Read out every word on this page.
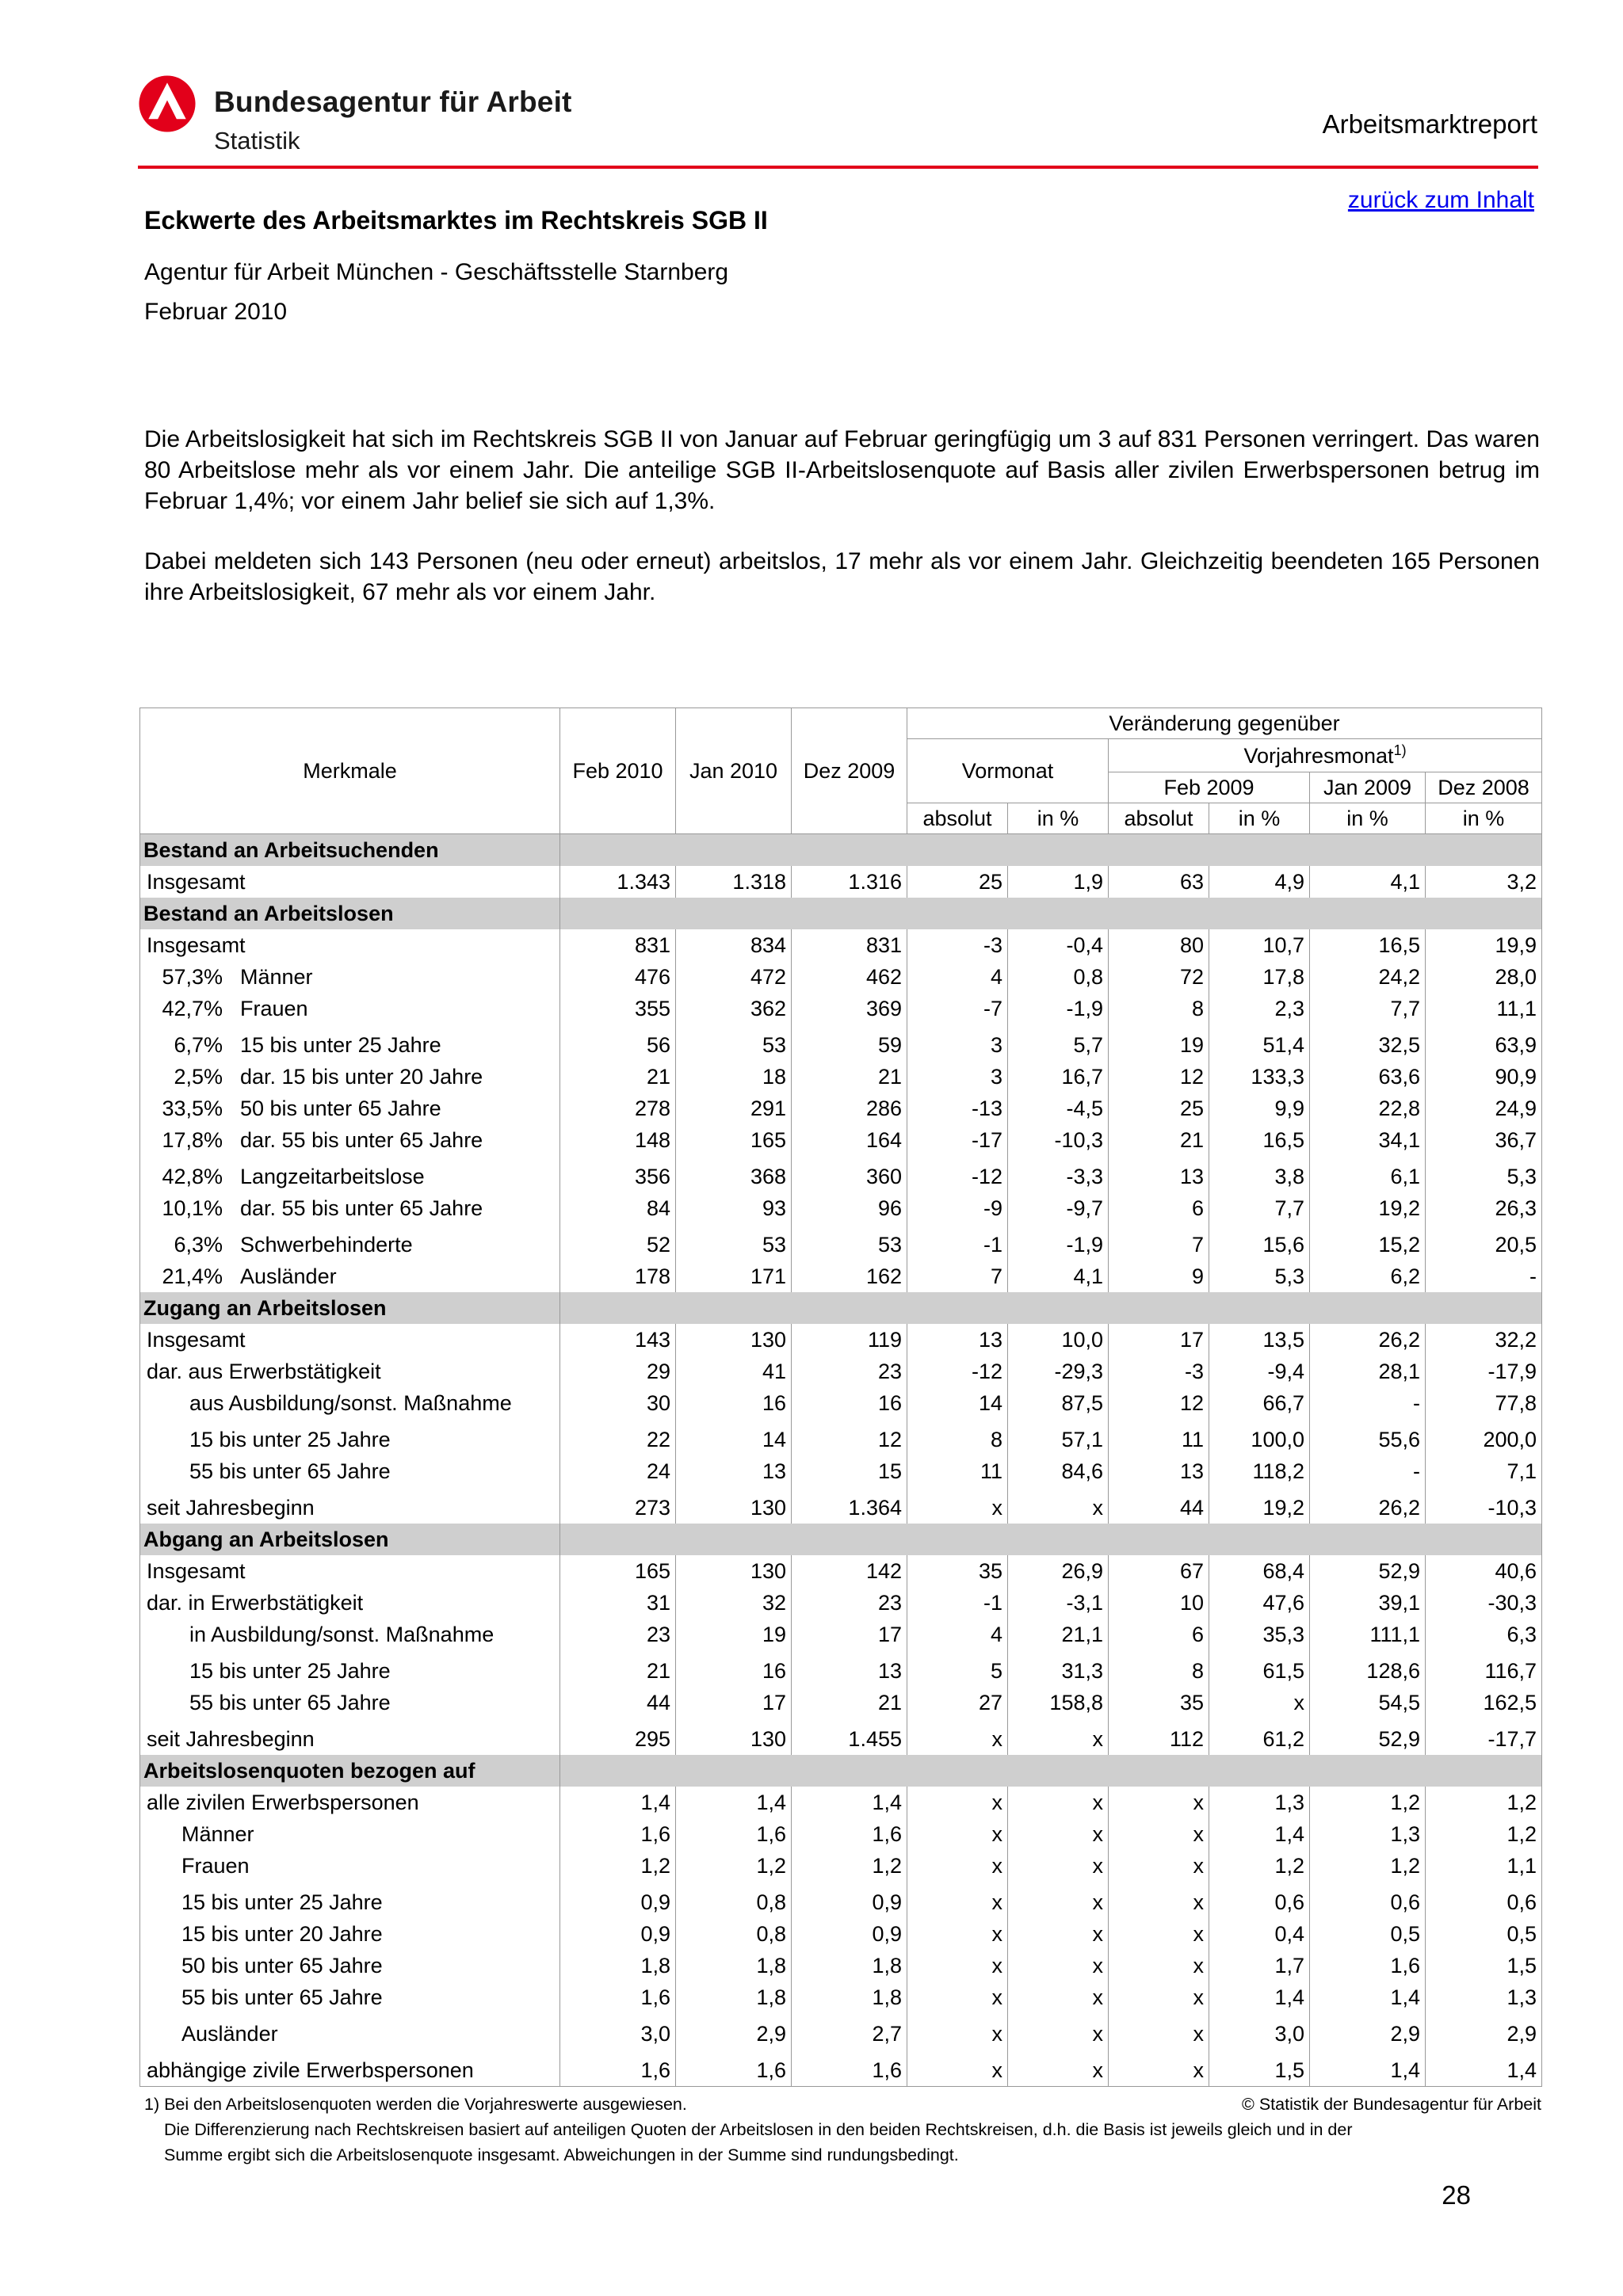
Bundesagentur für Arbeit
Statistik
Arbeitsmarktreport
zurück zum Inhalt
Eckwerte des Arbeitsmarktes im Rechtskreis SGB II
Agentur für Arbeit München - Geschäftsstelle Starnberg
Februar 2010

Die Arbeitslosigkeit hat sich im Rechtskreis SGB II von Januar auf Februar geringfügig um 3 auf 831 Personen verringert. Das waren 80 Arbeitslose mehr als vor einem Jahr. Die anteilige SGB II-Arbeitslosenquote auf Basis aller zivilen Erwerbspersonen betrug im Februar 1,4%; vor einem Jahr belief sie sich auf 1,3%.

Dabei meldeten sich 143 Personen (neu oder erneut) arbeitslos, 17 mehr als vor einem Jahr. Gleichzeitig beendeten 165 Personen ihre Arbeitslosigkeit, 67 mehr als vor einem Jahr.

Merkmale	Feb 2010	Jan 2010	Dez 2009	Veränderung gegenüber					
				Vormonat		Vorjahresmonat$^{1)}$
						Feb 2009		Jan 2009	Dez 2008
				absolut	in %	absolut	in %	in %	in %
Bestand an Arbeitsuchenden									
Insgesamt	1.343	1.318	1.316	25	1,9	63	4,9	4,1	3,2
Bestand an Arbeitslosen									
Insgesamt	831	834	831	-3	-0,4	80	10,7	16,5	19,9
57,3% Männer	476	472	462	4	0,8	72	17,8	24,2	28,0
42,7% Frauen	355	362	369	-7	-1,9	8	2,3	7,7	11,1
6,7% 15 bis unter 25 Jahre	56	53	59	3	5,7	19	51,4	32,5	63,9
2,5% dar. 15 bis unter 20 Jahre	21	18	21	3	16,7	12	133,3	63,6	90,9
33,5% 50 bis unter 65 Jahre	278	291	286	-13	-4,5	25	9,9	22,8	24,9
17,8% dar. 55 bis unter 65 Jahre	148	165	164	-17	-10,3	21	16,5	34,1	36,7
42,8% Langzeitarbeitslose	356	368	360	-12	-3,3	13	3,8	6,1	5,3
10,1% dar. 55 bis unter 65 Jahre	84	93	96	-9	-9,7	6	7,7	19,2	26,3
6,3% Schwerbehinderte	52	53	53	-1	-1,9	7	15,6	15,2	20,5
21,4% Ausländer	178	171	162	7	4,1	9	5,3	6,2	-
Zugang an Arbeitslosen									
Insgesamt	143	130	119	13	10,0	17	13,5	26,2	32,2
dar. aus Erwerbstätigkeit	29	41	23	-12	-29,3	-3	-9,4	28,1	-17,9
aus Ausbildung/sonst. Maßnahme	30	16	16	14	87,5	12	66,7	-	77,8
15 bis unter 25 Jahre	22	14	12	8	57,1	11	100,0	55,6	200,0
55 bis unter 65 Jahre	24	13	15	11	84,6	13	118,2	-	7,1
seit Jahresbeginn	273	130	1.364	x	x	44	19,2	26,2	-10,3
Abgang an Arbeitslosen									
Insgesamt	165	130	142	35	26,9	67	68,4	52,9	40,6
dar. in Erwerbstätigkeit	31	32	23	-1	-3,1	10	47,6	39,1	-30,3
in Ausbildung/sonst. Maßnahme	23	19	17	4	21,1	6	35,3	111,1	6,3
15 bis unter 25 Jahre	21	16	13	5	31,3	8	61,5	128,6	116,7
55 bis unter 65 Jahre	44	17	21	27	158,8	35	x	54,5	162,5
seit Jahresbeginn	295	130	1.455	x	x	112	61,2	52,9	-17,7
Arbeitslosenquoten bezogen auf									
alle zivilen Erwerbspersonen	1,4	1,4	1,4	x	x	x	1,3	1,2	1,2
Männer	1,6	1,6	1,6	x	x	x	1,4	1,3	1,2
Frauen	1,2	1,2	1,2	x	x	x	1,2	1,2	1,1
15 bis unter 25 Jahre	0,9	0,8	0,9	x	x	x	0,6	0,6	0,6
15 bis unter 20 Jahre	0,9	0,8	0,9	x	x	x	0,4	0,5	0,5
50 bis unter 65 Jahre	1,8	1,8	1,8	x	x	x	1,7	1,6	1,5
55 bis unter 65 Jahre	1,6	1,8	1,8	x	x	x	1,4	1,4	1,3
Ausländer	3,0	2,9	2,7	x	x	x	3,0	2,9	2,9
abhängige zivile Erwerbspersonen	1,6	1,6	1,6	x	x	x	1,5	1,4	1,4
1) Bei den Arbeitslosenquoten werden die Vorjahreswerte ausgewiesen.	© Statistik der Bundesagentur für Arbeit
Die Differenzierung nach Rechtskreisen basiert auf anteiligen Quoten der Arbeitslosen in den beiden Rechtskreisen, d.h. die Basis ist jeweils gleich und in der
Summe ergibt sich die Arbeitslosenquote insgesamt. Abweichungen in der Summe sind rundungsbedingt.
28
